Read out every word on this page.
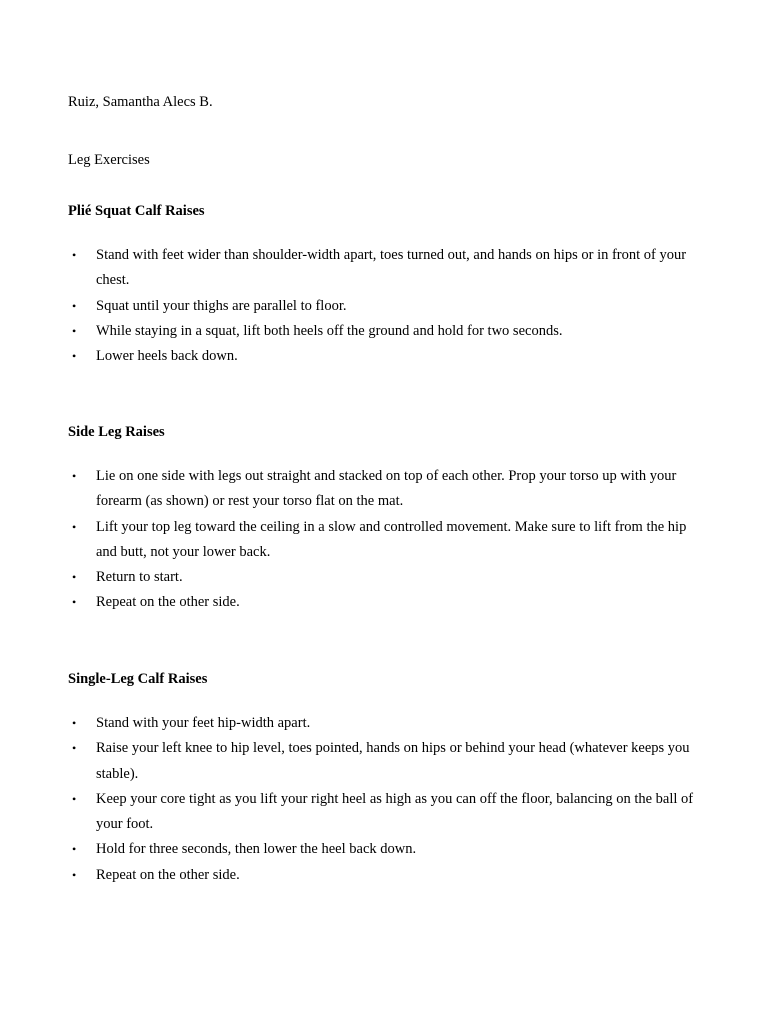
Ruiz, Samantha Alecs B.
Leg Exercises
Plié Squat Calf Raises
• Stand with feet wider than shoulder-width apart, toes turned out, and hands on hips or in front of your chest.
• Squat until your thighs are parallel to floor.
• While staying in a squat, lift both heels off the ground and hold for two seconds.
• Lower heels back down.
Side Leg Raises
• Lie on one side with legs out straight and stacked on top of each other. Prop your torso up with your forearm (as shown) or rest your torso flat on the mat.
• Lift your top leg toward the ceiling in a slow and controlled movement. Make sure to lift from the hip and butt, not your lower back.
• Return to start.
• Repeat on the other side.
Single-Leg Calf Raises
• Stand with your feet hip-width apart.
• Raise your left knee to hip level, toes pointed, hands on hips or behind your head (whatever keeps you stable).
• Keep your core tight as you lift your right heel as high as you can off the floor, balancing on the ball of your foot.
• Hold for three seconds, then lower the heel back down.
• Repeat on the other side.
